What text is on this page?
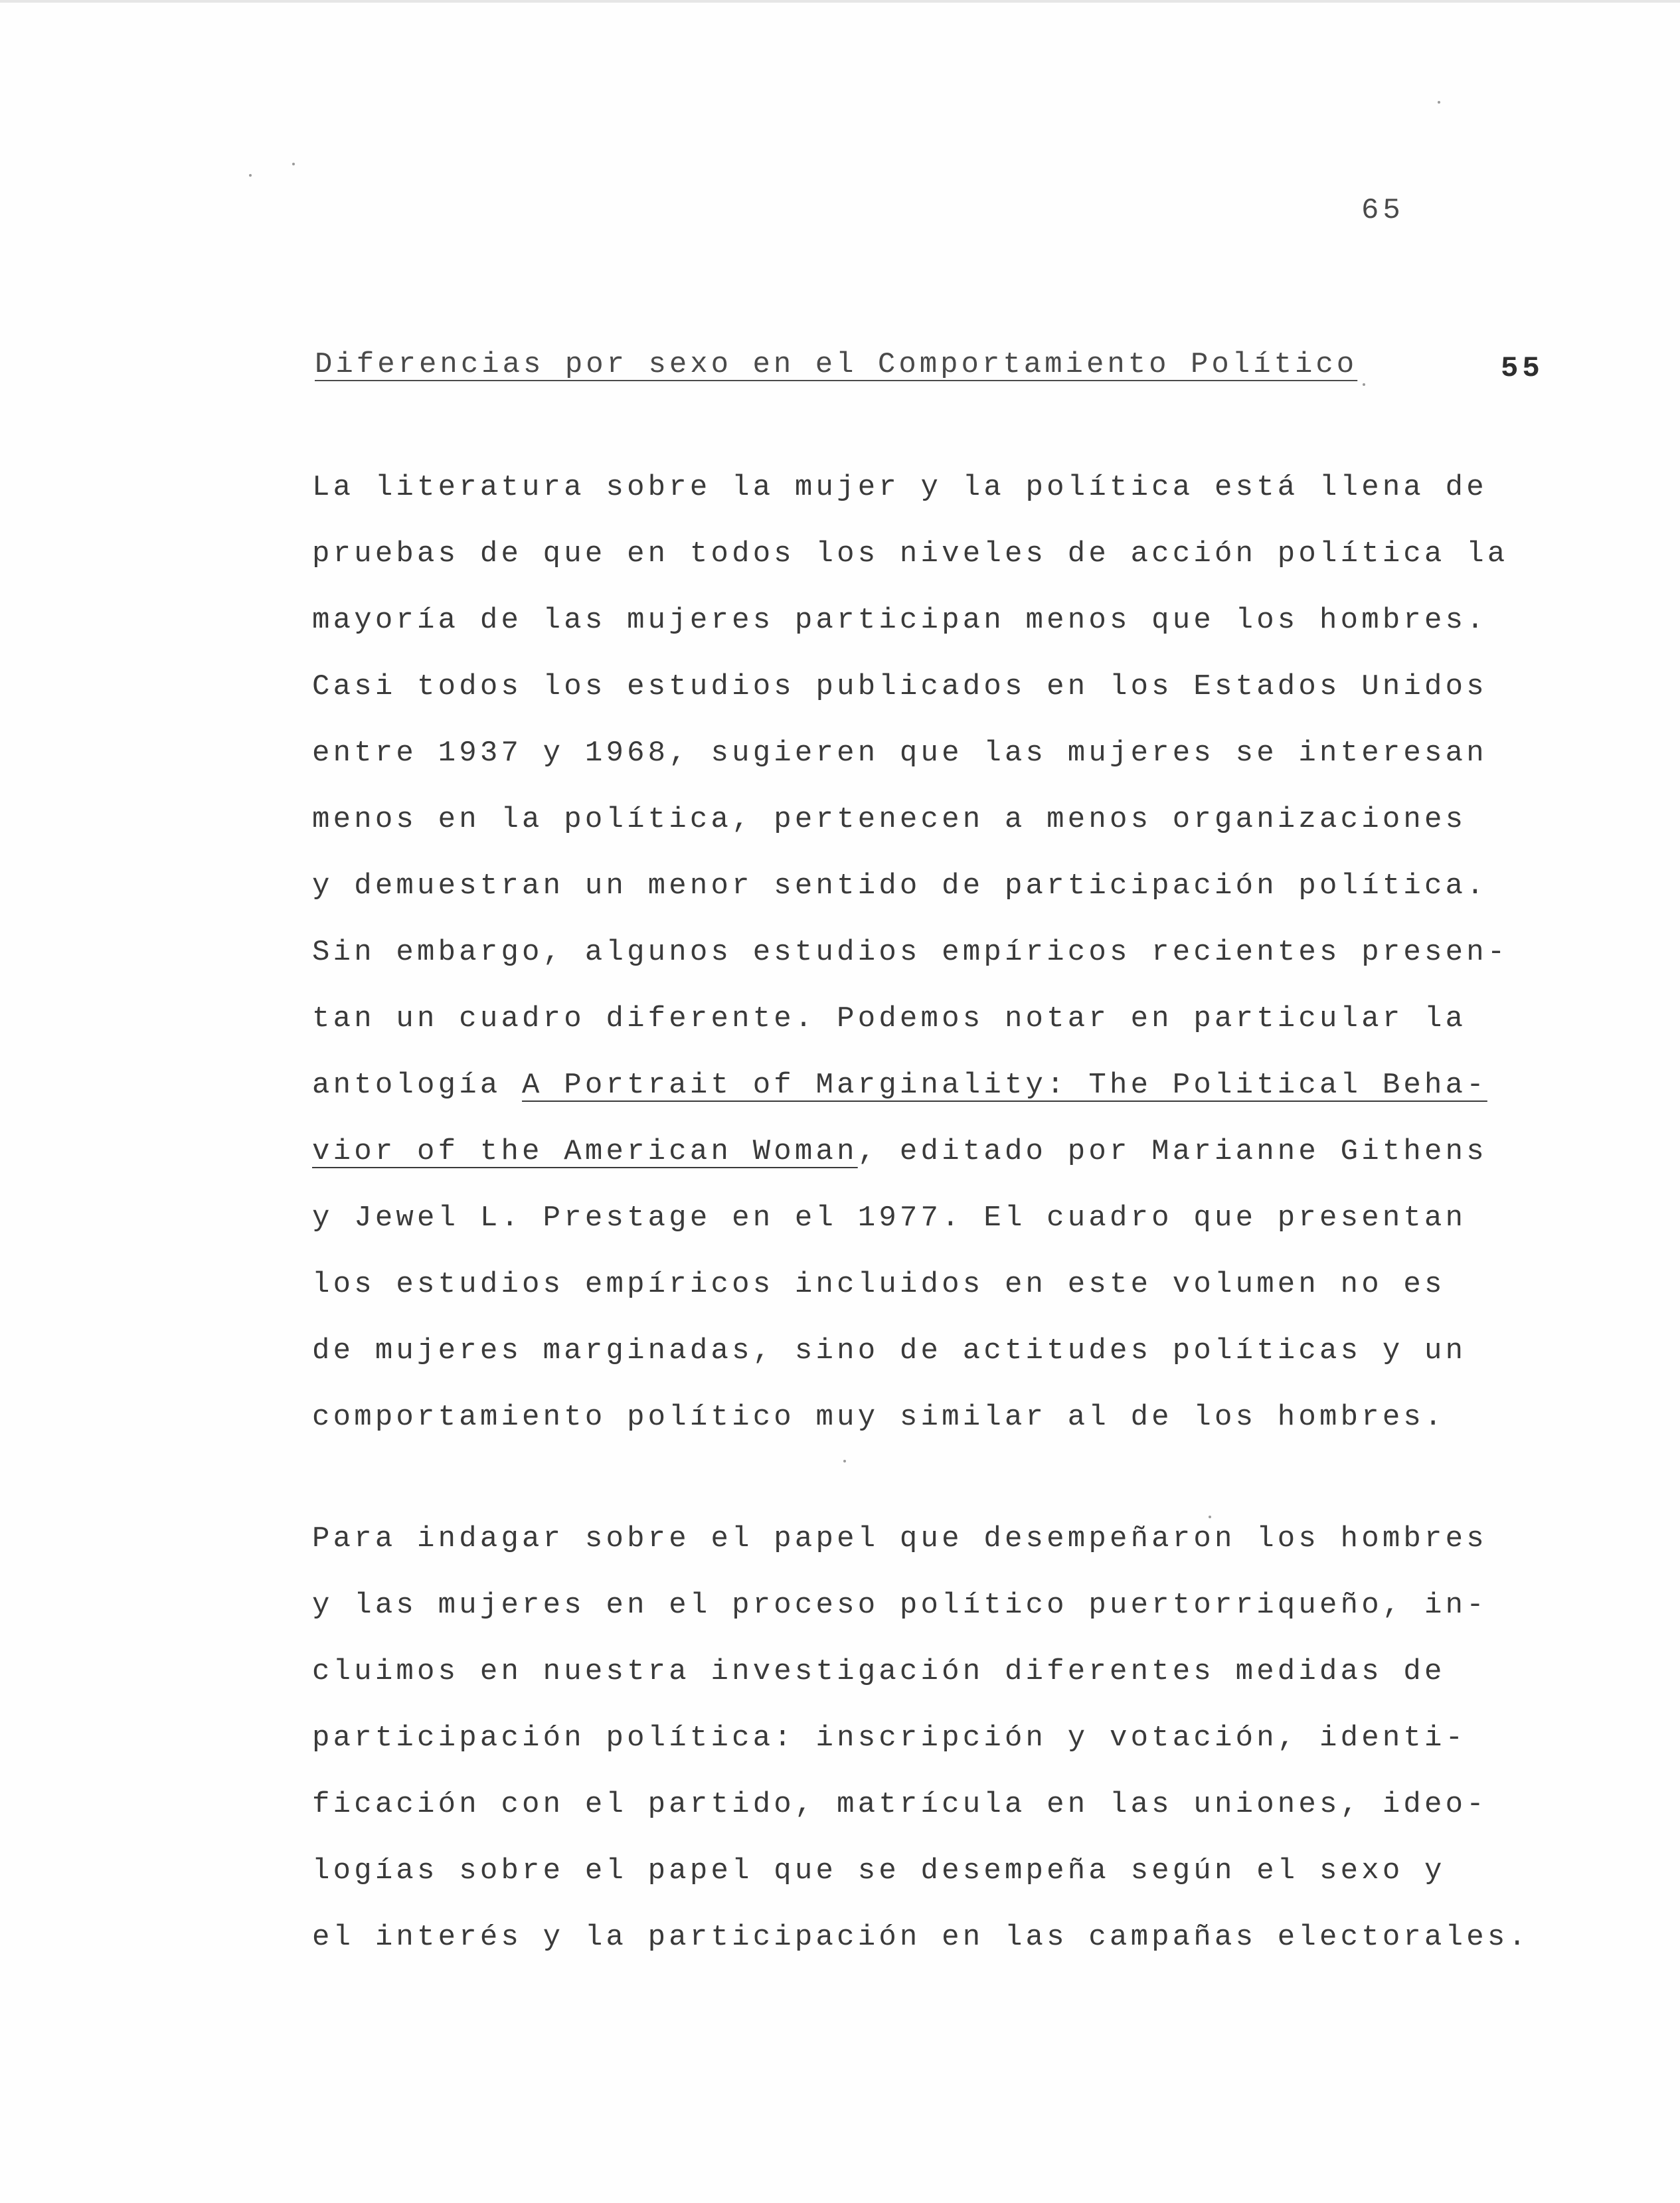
65
55
Diferencias por sexo en el Comportamiento Político
La literatura sobre la mujer y la política está llena de
pruebas de que en todos los niveles de acción política la
mayoría de las mujeres participan menos que los hombres.
Casi todos los estudios publicados en los Estados Unidos
entre 1937 y 1968, sugieren que las mujeres se interesan
menos en la política, pertenecen a menos organizaciones
y demuestran un menor sentido de participación política.
Sin embargo, algunos estudios empíricos recientes presen-
tan un cuadro diferente. Podemos notar en particular la
antología A Portrait of Marginality: The Political Beha-
vior of the American Woman, editado por Marianne Githens
y Jewel L. Prestage en el 1977. El cuadro que presentan
los estudios empíricos incluidos en este volumen no es
de mujeres marginadas, sino de actitudes políticas y un
comportamiento político muy similar al de los hombres.
Para indagar sobre el papel que desempeñaron los hombres
y las mujeres en el proceso político puertorriqueño, in-
cluimos en nuestra investigación diferentes medidas de
participación política: inscripción y votación, identi-
ficación con el partido, matrícula en las uniones, ideo-
logías sobre el papel que se desempeña según el sexo y
el interés y la participación en las campañas electorales.
